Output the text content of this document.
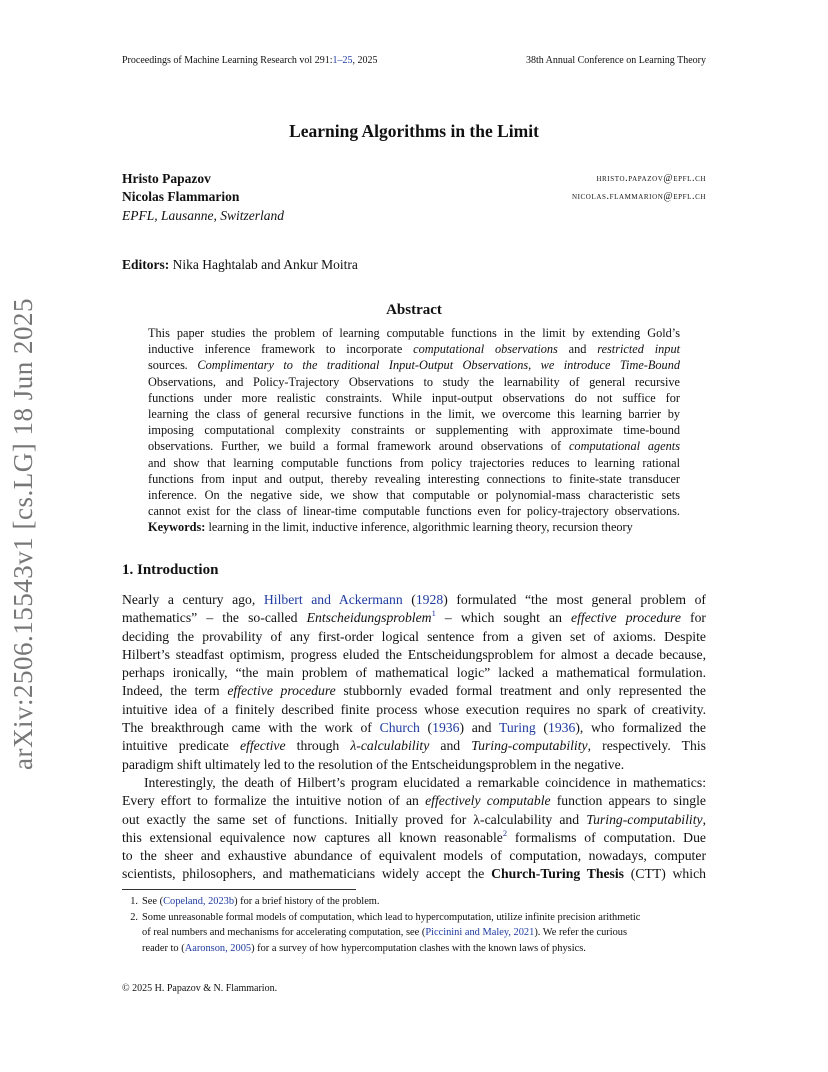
Proceedings of Machine Learning Research vol 291:1–25, 2025	38th Annual Conference on Learning Theory
arXiv:2506.15543v1 [cs.LG] 18 Jun 2025
Learning Algorithms in the Limit
Hristo Papazov	hristo.papazov@epfl.ch
Nicolas Flammarion	nicolas.flammarion@epfl.ch
EPFL, Lausanne, Switzerland
Editors: Nika Haghtalab and Ankur Moitra
Abstract
This paper studies the problem of learning computable functions in the limit by extending Gold’s
inductive inference framework to incorporate computational observations and restricted input
sources. Complimentary to the traditional Input-Output Observations, we introduce Time-Bound
Observations, and Policy-Trajectory Observations to study the learnability of general recursive
functions under more realistic constraints. While input-output observations do not suffice for
learning the class of general recursive functions in the limit, we overcome this learning barrier by
imposing computational complexity constraints or supplementing with approximate time-bound
observations. Further, we build a formal framework around observations of computational agents
and show that learning computable functions from policy trajectories reduces to learning rational
functions from input and output, thereby revealing interesting connections to finite-state transducer
inference. On the negative side, we show that computable or polynomial-mass characteristic sets
cannot exist for the class of linear-time computable functions even for policy-trajectory observations.
Keywords: learning in the limit, inductive inference, algorithmic learning theory, recursion theory
1. Introduction
Nearly a century ago, Hilbert and Ackermann (1928) formulated “the most general problem of
mathematics” – the so-called Entscheidungsproblem$^1$ – which sought an effective procedure for
deciding the provability of any first-order logical sentence from a given set of axioms. Despite
Hilbert’s steadfast optimism, progress eluded the Entscheidungsproblem for almost a decade because,
perhaps ironically, “the main problem of mathematical logic” lacked a mathematical formulation.
Indeed, the term effective procedure stubbornly evaded formal treatment and only represented the
intuitive idea of a finitely described finite process whose execution requires no spark of creativity.
The breakthrough came with the work of Church (1936) and Turing (1936), who formalized the
intuitive predicate effective through λ-calculability and Turing-computability, respectively. This
paradigm shift ultimately led to the resolution of the Entscheidungsproblem in the negative.
Interestingly, the death of Hilbert’s program elucidated a remarkable coincidence in mathematics:
Every effort to formalize the intuitive notion of an effectively computable function appears to single
out exactly the same set of functions. Initially proved for λ-calculability and Turing-computability,
this extensional equivalence now captures all known reasonable$^2$ formalisms of computation. Due
to the sheer and exhaustive abundance of equivalent models of computation, nowadays, computer
scientists, philosophers, and mathematicians widely accept the Church-Turing Thesis (CTT) which
1. See (Copeland, 2023b) for a brief history of the problem.
2. Some unreasonable formal models of computation, which lead to hypercomputation, utilize infinite precision arithmetic
of real numbers and mechanisms for accelerating computation, see (Piccinini and Maley, 2021). We refer the curious
reader to (Aaronson, 2005) for a survey of how hypercomputation clashes with the known laws of physics.
© 2025 H. Papazov & N. Flammarion.
